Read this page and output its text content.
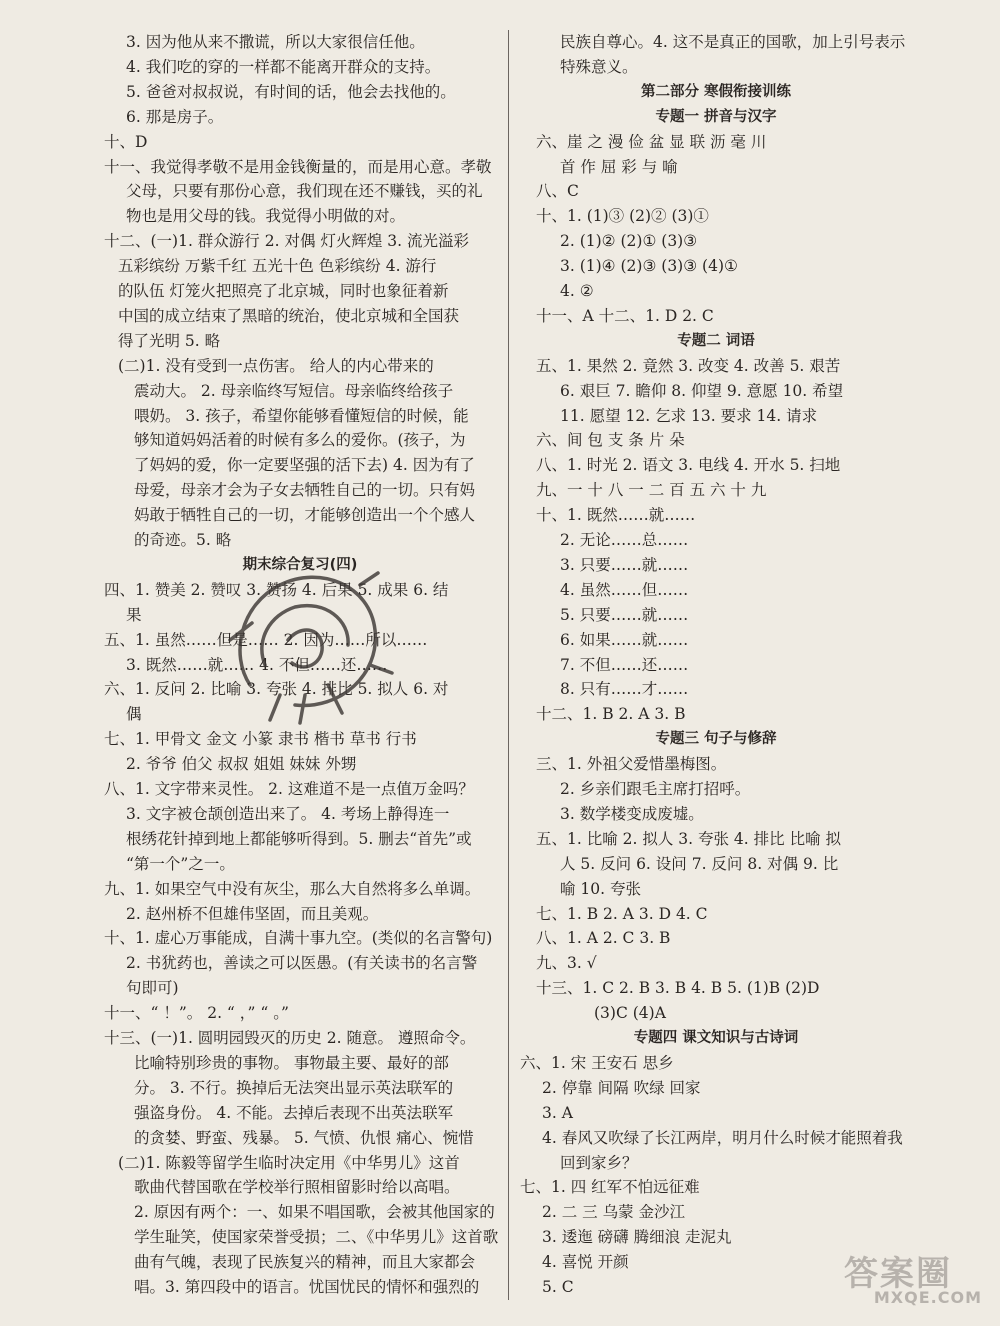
3. 因为他从来不撒谎，所以大家很信任他。
4. 我们吃的穿的一样都不能离开群众的支持。
5. 爸爸对叔叔说，有时间的话，他会去找他的。
6. 那是房子。
十、D
十一、我觉得孝敬不是用金钱衡量的，而是用心意。孝敬
父母，只要有那份心意，我们现在还不赚钱，买的礼
物也是用父母的钱。我觉得小明做的对。
十二、(一)1. 群众游行 2. 对偶 灯火辉煌 3. 流光溢彩
五彩缤纷 万紫千红 五光十色 色彩缤纷 4. 游行
的队伍 灯笼火把照亮了北京城，同时也象征着新
中国的成立结束了黑暗的统治，使北京城和全国获
得了光明 5. 略
(二)1. 没有受到一点伤害。 给人的内心带来的
震动大。 2. 母亲临终写短信。母亲临终给孩子
喂奶。 3. 孩子，希望你能够看懂短信的时候，能
够知道妈妈活着的时候有多么的爱你。(孩子，为
了妈妈的爱，你一定要坚强的活下去) 4. 因为有了
母爱，母亲才会为子女去牺牲自己的一切。只有妈
妈敢于牺牲自己的一切，才能够创造出一个个感人
的奇迹。5. 略
期末综合复习(四)
四、1. 赞美 2. 赞叹 3. 赞扬 4. 后果 5. 成果 6. 结
果
五、1. 虽然……但是…… 2. 因为……所以……
3. 既然……就…… 4. 不但……还……
六、1. 反问 2. 比喻 3. 夸张 4. 排比 5. 拟人 6. 对
偶
七、1. 甲骨文 金文 小篆 隶书 楷书 草书 行书
2. 爷爷 伯父 叔叔 姐姐 妹妹 外甥
八、1. 文字带来灵性。 2. 这难道不是一点值万金吗？
3. 文字被仓颉创造出来了。 4. 考场上静得连一
根绣花针掉到地上都能够听得到。5. 删去“首先”或
“第一个”之一。
九、1. 如果空气中没有灰尘，那么大自然将多么单调。
2. 赵州桥不但雄伟坚固，而且美观。
十、1. 虚心万事能成，自满十事九空。(类似的名言警句)
2. 书犹药也，善读之可以医愚。(有关读书的名言警
句即可)
十一、“ ！”。 2. “ ，” “ 。”
十三、(一)1. 圆明园毁灭的历史 2. 随意。 遵照命令。
比喻特别珍贵的事物。 事物最主要、最好的部
分。 3. 不行。换掉后无法突出显示英法联军的
强盗身份。 4. 不能。去掉后表现不出英法联军
的贪婪、野蛮、残暴。 5. 气愤、仇恨 痛心、惋惜
(二)1. 陈毅等留学生临时决定用《中华男儿》这首
歌曲代替国歌在学校举行照相留影时给以高唱。
2. 原因有两个：一、如果不唱国歌，会被其他国家的
学生耻笑，使国家荣誉受损；二、《中华男儿》这首歌
曲有气魄，表现了民族复兴的精神，而且大家都会
唱。3. 第四段中的语言。忧国忧民的情怀和强烈的
民族自尊心。4. 这不是真正的国歌，加上引号表示
特殊意义。
第二部分 寒假衔接训练
专题一 拼音与汉字
六、崖 之 漫 俭 盆 显 联 沥 毫 川
首 作 屈 彩 与 喻
八、C
十、1. (1)③ (2)② (3)①
2. (1)② (2)① (3)③
3. (1)④ (2)③ (3)③ (4)①
4. ②
十一、A 十二、1. D 2. C
专题二 词语
五、1. 果然 2. 竟然 3. 改变 4. 改善 5. 艰苦
6. 艰巨 7. 瞻仰 8. 仰望 9. 意愿 10. 希望
11. 愿望 12. 乞求 13. 要求 14. 请求
六、间 包 支 条 片 朵
八、1. 时光 2. 语文 3. 电线 4. 开水 5. 扫地
九、一 十 八 一 二 百 五 六 十 九
十、1. 既然……就……
2. 无论……总……
3. 只要……就……
4. 虽然……但……
5. 只要……就……
6. 如果……就……
7. 不但……还……
8. 只有……才……
十二、1. B 2. A 3. B
专题三 句子与修辞
三、1. 外祖父爱惜墨梅图。
2. 乡亲们跟毛主席打招呼。
3. 数学楼变成废墟。
五、1. 比喻 2. 拟人 3. 夸张 4. 排比 比喻 拟
人 5. 反问 6. 设问 7. 反问 8. 对偶 9. 比
喻 10. 夸张
七、1. B 2. A 3. D 4. C
八、1. A 2. C 3. B
九、3. √
十三、1. C 2. B 3. B 4. B 5. (1)B (2)D
(3)C (4)A
专题四 课文知识与古诗词
六、1. 宋 王安石 思乡
2. 停靠 间隔 吹绿 回家
3. A
4. 春风又吹绿了长江两岸，明月什么时候才能照着我
回到家乡？
七、1. 四 红军不怕远征难
2. 二 三 乌蒙 金沙江
3. 逶迤 磅礴 腾细浪 走泥丸
4. 喜悦 开颜
5. C	答案圈
MXQE.COM
